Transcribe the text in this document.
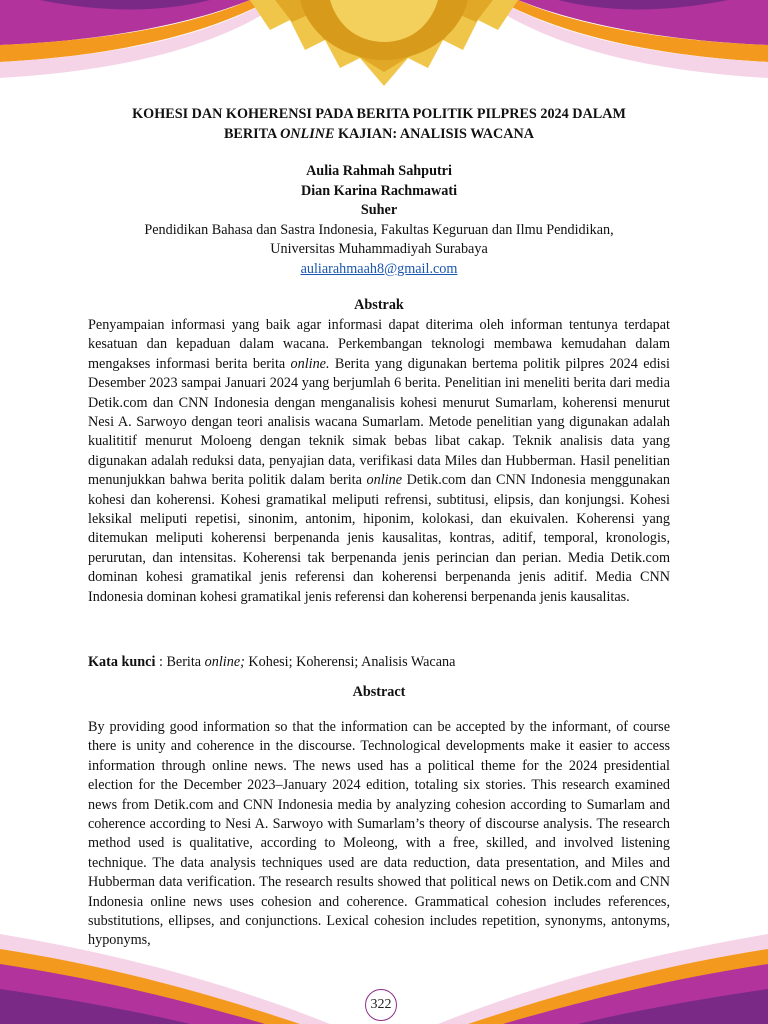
KOHESI DAN KOHERENSI PADA BERITA POLITIK PILPRES 2024 DALAM
BERITA ONLINE KAJIAN: ANALISIS WACANA
Aulia Rahmah Sahputri
Dian Karina Rachmawati
Suher
Pendidikan Bahasa dan Sastra Indonesia, Fakultas Keguruan dan Ilmu Pendidikan,
Universitas Muhammadiyah Surabaya
auliarahmaah8@gmail.com
Abstrak
Penyampaian informasi yang baik agar informasi dapat diterima oleh informan tentunya terdapat kesatuan dan kepaduan dalam wacana. Perkembangan teknologi membawa kemudahan dalam mengakses informasi berita berita online. Berita yang digunakan bertema politik pilpres 2024 edisi Desember 2023 sampai Januari 2024 yang berjumlah 6 berita. Penelitian ini meneliti berita dari media Detik.com dan CNN Indonesia dengan menganalisis kohesi menurut Sumarlam, koherensi menurut Nesi A. Sarwoyo dengan teori analisis wacana Sumarlam. Metode penelitian yang digunakan adalah kualititif menurut Moloeng dengan teknik simak bebas libat cakap. Teknik analisis data yang digunakan adalah reduksi data, penyajian data, verifikasi data Miles dan Hubberman. Hasil penelitian menunjukkan bahwa berita politik dalam berita online Detik.com dan CNN Indonesia menggunakan kohesi dan koherensi. Kohesi gramatikal meliputi refrensi, subtitusi, elipsis, dan konjungsi. Kohesi leksikal meliputi repetisi, sinonim, antonim, hiponim, kolokasi, dan ekuivalen. Koherensi yang ditemukan meliputi koherensi berpenanda jenis kausalitas, kontras, aditif, temporal, kronologis, perurutan, dan intensitas. Koherensi tak berpenanda jenis perincian dan perian. Media Detik.com dominan kohesi gramatikal jenis referensi dan koherensi berpenanda jenis aditif. Media CNN Indonesia dominan kohesi gramatikal jenis referensi dan koherensi berpenanda jenis kausalitas.
Kata kunci : Berita online; Kohesi; Koherensi; Analisis Wacana
Abstract
By providing good information so that the information can be accepted by the informant, of course there is unity and coherence in the discourse. Technological developments make it easier to access information through online news. The news used has a political theme for the 2024 presidential election for the December 2023–January 2024 edition, totaling six stories. This research examined news from Detik.com and CNN Indonesia media by analyzing cohesion according to Sumarlam and coherence according to Nesi A. Sarwoyo with Sumarlam’s theory of discourse analysis. The research method used is qualitative, according to Moleong, with a free, skilled, and involved listening technique. The data analysis techniques used are data reduction, data presentation, and Miles and Hubberman data verification. The research results showed that political news on Detik.com and CNN Indonesia online news uses cohesion and coherence. Grammatical cohesion includes references, substitutions, ellipses, and conjunctions. Lexical cohesion includes repetition, synonyms, antonyms, hyponyms,
322
